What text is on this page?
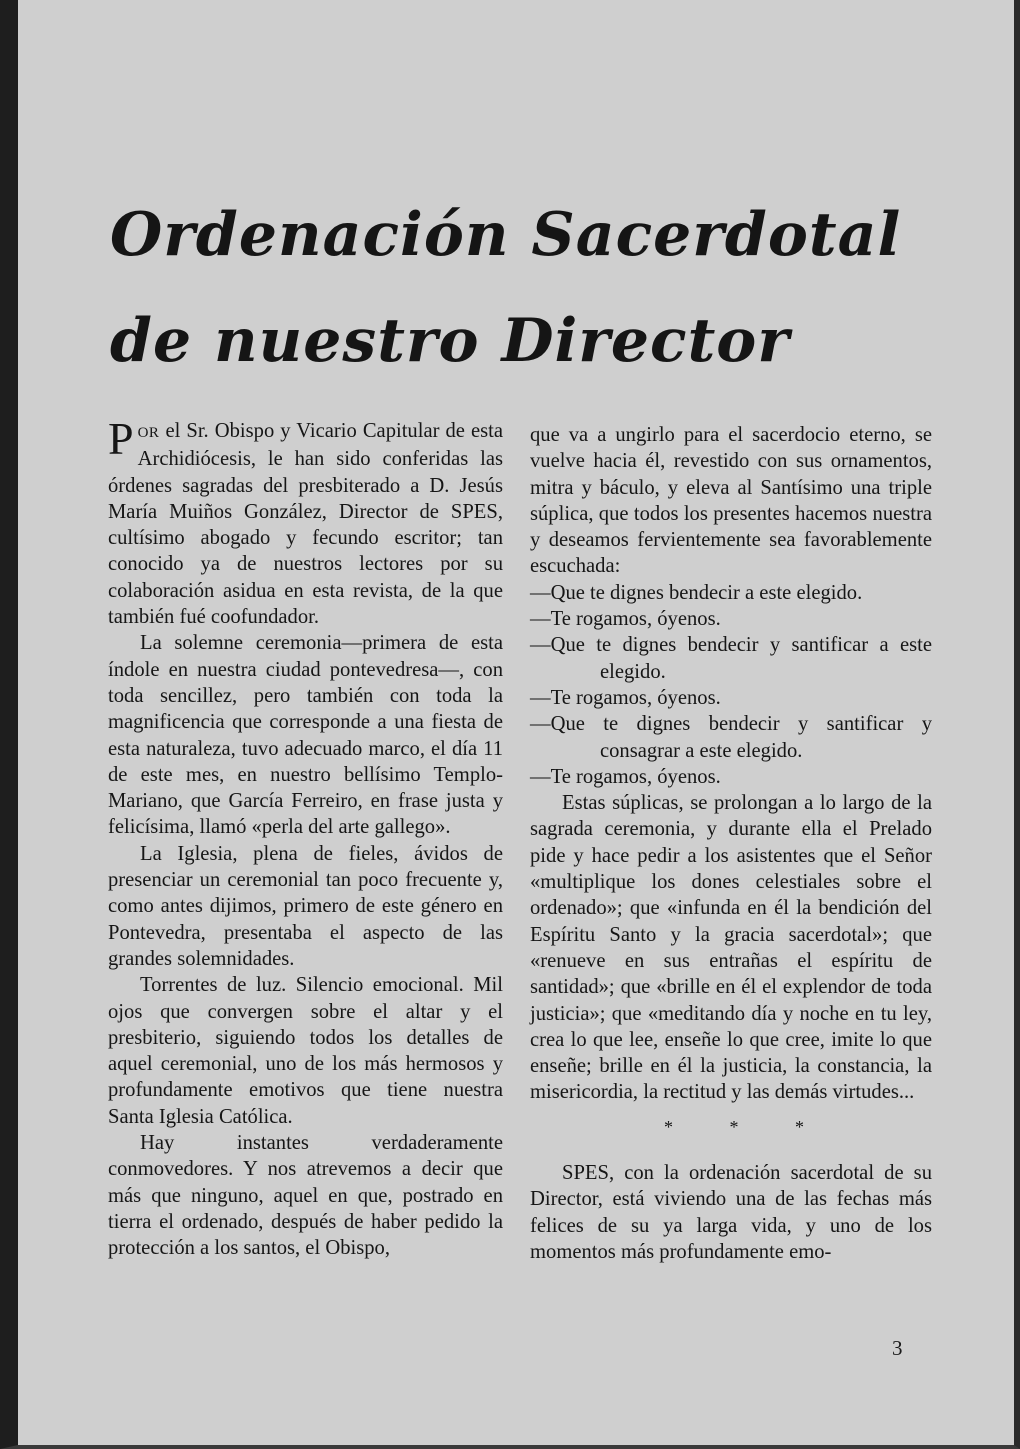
Ordenación Sacerdotal
de nuestro Director

POR el Sr. Obispo y Vicario Capitular de esta Archidiócesis, le han sido conferidas las órdenes sagradas del presbiterado a D. Jesús María Muiños González, Director de SPES, cultísimo abogado y fecundo escritor; tan conocido ya de nuestros lectores por su colaboración asidua en esta revista, de la que también fué coofundador.

La solemne ceremonia—primera de esta índole en nuestra ciudad pontevedresa—, con toda sencillez, pero también con toda la magnificencia que corresponde a una fiesta de esta naturaleza, tuvo adecuado marco, el día 11 de este mes, en nuestro bellísimo Templo-Mariano, que García Ferreiro, en frase justa y felicísima, llamó «perla del arte gallego».

La Iglesia, plena de fieles, ávidos de presenciar un ceremonial tan poco frecuente y, como antes dijimos, primero de este género en Pontevedra, presentaba el aspecto de las grandes solemnidades.

Torrentes de luz. Silencio emocional. Mil ojos que convergen sobre el altar y el presbiterio, siguiendo todos los detalles de aquel ceremonial, uno de los más hermosos y profundamente emotivos que tiene nuestra Santa Iglesia Católica.

Hay instantes verdaderamente conmovedores. Y nos atrevemos a decir que más que ninguno, aquel en que, postrado en tierra el ordenado, después de haber pedido la protección a los santos, el Obispo,

que va a ungirlo para el sacerdocio eterno, se vuelve hacia él, revestido con sus ornamentos, mitra y báculo, y eleva al Santísimo una triple súplica, que todos los presentes hacemos nuestra y deseamos fervientemente sea favorablemente escuchada:

—Que te dignes bendecir a este elegido.

—Te rogamos, óyenos.

—Que te dignes bendecir y santificar a este elegido.

—Te rogamos, óyenos.

—Que te dignes bendecir y santificar y consagrar a este elegido.

—Te rogamos, óyenos.

Estas súplicas, se prolongan a lo largo de la sagrada ceremonia, y durante ella el Prelado pide y hace pedir a los asistentes que el Señor «multiplique los dones celestiales sobre el ordenado»; que «infunda en él la bendición del Espíritu Santo y la gracia sacerdotal»; que «renueve en sus entrañas el espíritu de santidad»; que «brille en él el explendor de toda justicia»; que «meditando día y noche en tu ley, crea lo que lee, enseñe lo que cree, imite lo que enseñe; brille en él la justicia, la constancia, la misericordia, la rectitud y las demás virtudes...

* * *

SPES, con la ordenación sacerdotal de su Director, está viviendo una de las fechas más felices de su ya larga vida, y uno de los momentos más profundamente emo-

3
